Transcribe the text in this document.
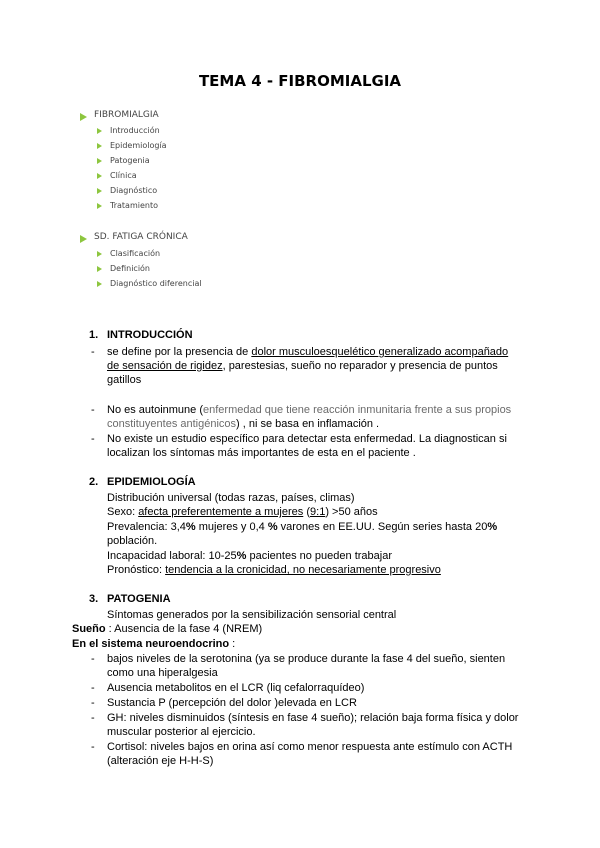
TEMA 4 - FIBROMIALGIA
FIBROMIALGIA
Introducción
Epidemiología
Patogenia
Clínica
Diagnóstico
Tratamiento
SD. FATIGA CRÓNICA
Clasificación
Definición
Diagnóstico diferencial
1. INTRODUCCIÓN
- se define por la presencia de dolor musculoesquelético generalizado acompañado
de sensación de rigidez, parestesias, sueño no reparador y presencia de puntos
gatillos
- No es autoinmune (enfermedad que tiene reacción inmunitaria frente a sus propios
constituyentes antigénicos) , ni se basa en inflamación .
- No existe un estudio específico para detectar esta enfermedad. La diagnostican si
localizan los síntomas más importantes de esta en el paciente .
2. EPIDEMIOLOGÍA
Distribución universal (todas razas, países, climas)
Sexo: afecta preferentemente a mujeres (9:1) >50 años
Prevalencia: 3,4% mujeres y 0,4 % varones en EE.UU. Según series hasta 20%
población.
Incapacidad laboral: 10-25% pacientes no pueden trabajar
Pronóstico: tendencia a la cronicidad, no necesariamente progresivo
3. PATOGENIA
Síntomas generados por la sensibilización sensorial central
Sueño : Ausencia de la fase 4 (NREM)
En el sistema neuroendocrino :
- bajos niveles de la serotonina (ya se produce durante la fase 4 del sueño, sienten
como una hiperalgesia
- Ausencia metabolitos en el LCR (liq cefalorraquídeo)
- Sustancia P (percepción del dolor )elevada en LCR
- GH: niveles disminuidos (síntesis en fase 4 sueño); relación baja forma física y dolor
muscular posterior al ejercicio.
- Cortisol: niveles bajos en orina así como menor respuesta ante estímulo con ACTH
(alteración eje H-H-S)
